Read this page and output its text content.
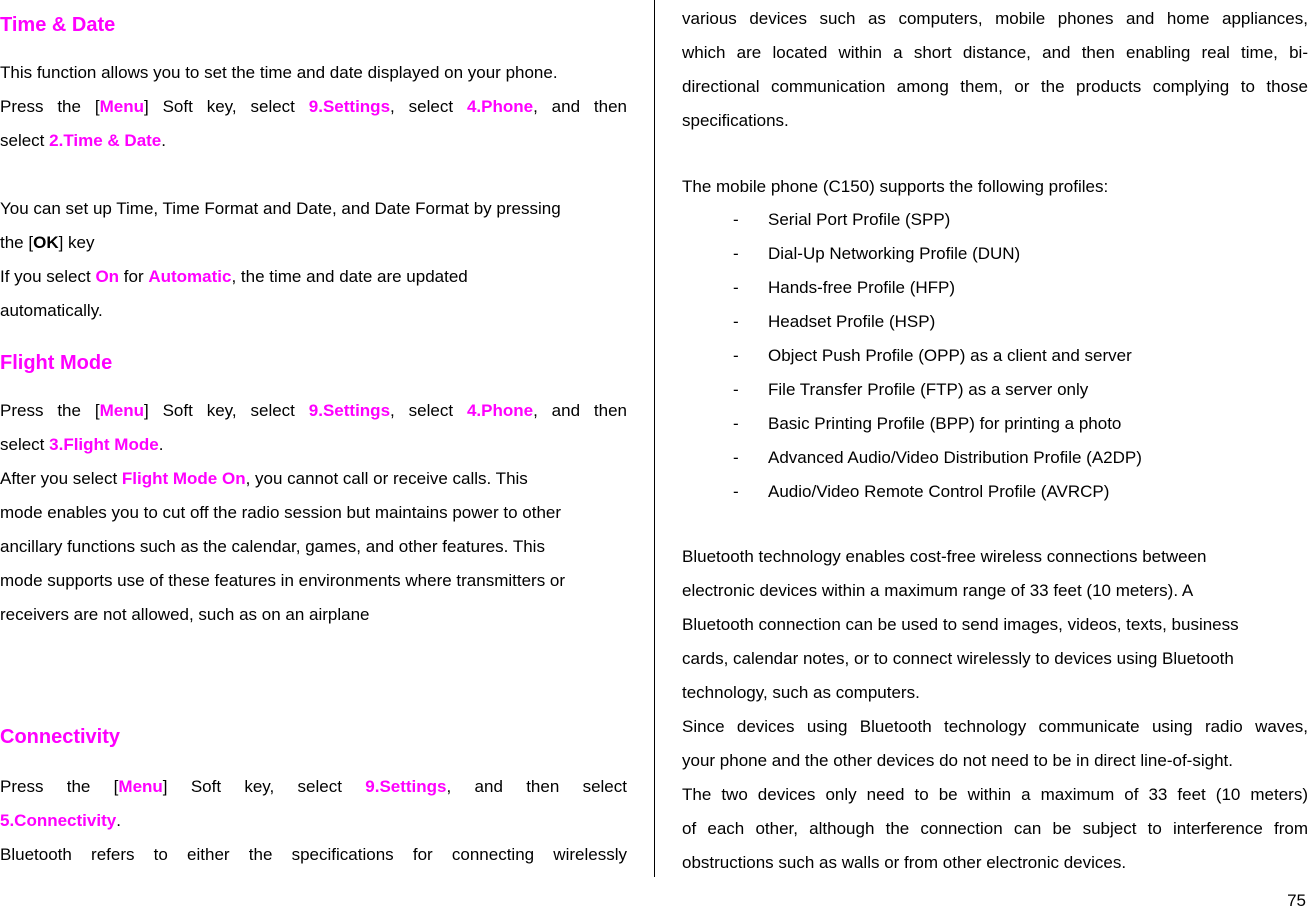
Time & Date
This function allows you to set the time and date displayed on your phone.
Press the [Menu] Soft key, select 9.Settings, select 4.Phone, and then
select 2.Time & Date.
You can set up Time, Time Format and Date, and Date Format by pressing
the [OK] key
If you select On for Automatic, the time and date are updated
automatically.
Flight Mode
Press the [Menu] Soft key, select 9.Settings, select 4.Phone, and then
select 3.Flight Mode.
After you select Flight Mode On, you cannot call or receive calls. This
mode enables you to cut off the radio session but maintains power to other
ancillary functions such as the calendar, games, and other features. This
mode supports use of these features in environments where transmitters or
receivers are not allowed, such as on an airplane
Connectivity
Press the [Menu] Soft key, select 9.Settings, and then select
5.Connectivity.
Bluetooth refers to either the specifications for connecting wirelessly
various devices such as computers, mobile phones and home appliances,
which are located within a short distance, and then enabling real time, bi-
directional communication among them, or the products complying to those
specifications.
The mobile phone (C150) supports the following profiles:
- Serial Port Profile (SPP)
- Dial-Up Networking Profile (DUN)
- Hands-free Profile (HFP)
- Headset Profile (HSP)
- Object Push Profile (OPP) as a client and server
- File Transfer Profile (FTP) as a server only
- Basic Printing Profile (BPP) for printing a photo
- Advanced Audio/Video Distribution Profile (A2DP)
- Audio/Video Remote Control Profile (AVRCP)
Bluetooth technology enables cost-free wireless connections between
electronic devices within a maximum range of 33 feet (10 meters). A
Bluetooth connection can be used to send images, videos, texts, business
cards, calendar notes, or to connect wirelessly to devices using Bluetooth
technology, such as computers.
Since devices using Bluetooth technology communicate using radio waves,
your phone and the other devices do not need to be in direct line-of-sight.
The two devices only need to be within a maximum of 33 feet (10 meters)
of each other, although the connection can be subject to interference from
obstructions such as walls or from other electronic devices.
75
